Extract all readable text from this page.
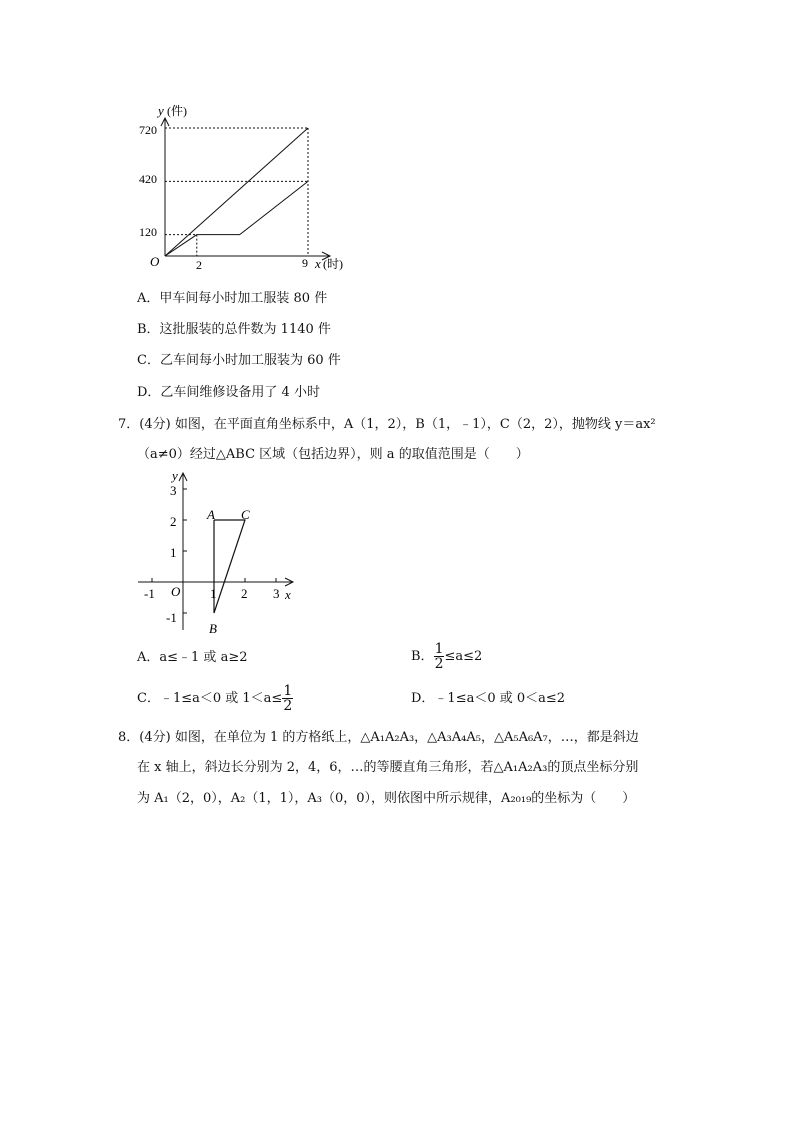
y (件)
x (时)
O
720
420
120
2	9
A．甲车间每小时加工服装 80 件
B．这批服装的总件数为 1140 件
C．乙车间每小时加工服装为 60 件
D．乙车间维修设备用了 4 小时
7．(4分) 如图，在平面直角坐标系中，A（1，2），B（1，﹣1），C（2，2），抛物线 y＝ax²
（a≠0）经过△ABC 区域（包括边界），则 a 的取值范围是（　　）
y
x
O
-1	1 2 3
3
2
1
-1
A
B
C
A．a≤﹣1 或 a≥2	B． $\frac{1}{2} \le a\le 2$
C．﹣1≤a＜0 或 $1<a\le \frac{1}{2}$	D．﹣1≤a＜0 或 0＜a≤2
8．(4分) 如图，在单位为 1 的方格纸上，△A₁A₂A₃，△A₃A₄A₅，△A₅A₆A₇，…，都是斜边
在 x 轴上，斜边长分别为 2，4，6，…的等腰直角三角形，若△A₁A₂A₃的顶点坐标分别
为 A₁（2，0），A₂（1，1），A₃（0，0），则依图中所示规律，A₂₀₁₉的坐标为（　　）
